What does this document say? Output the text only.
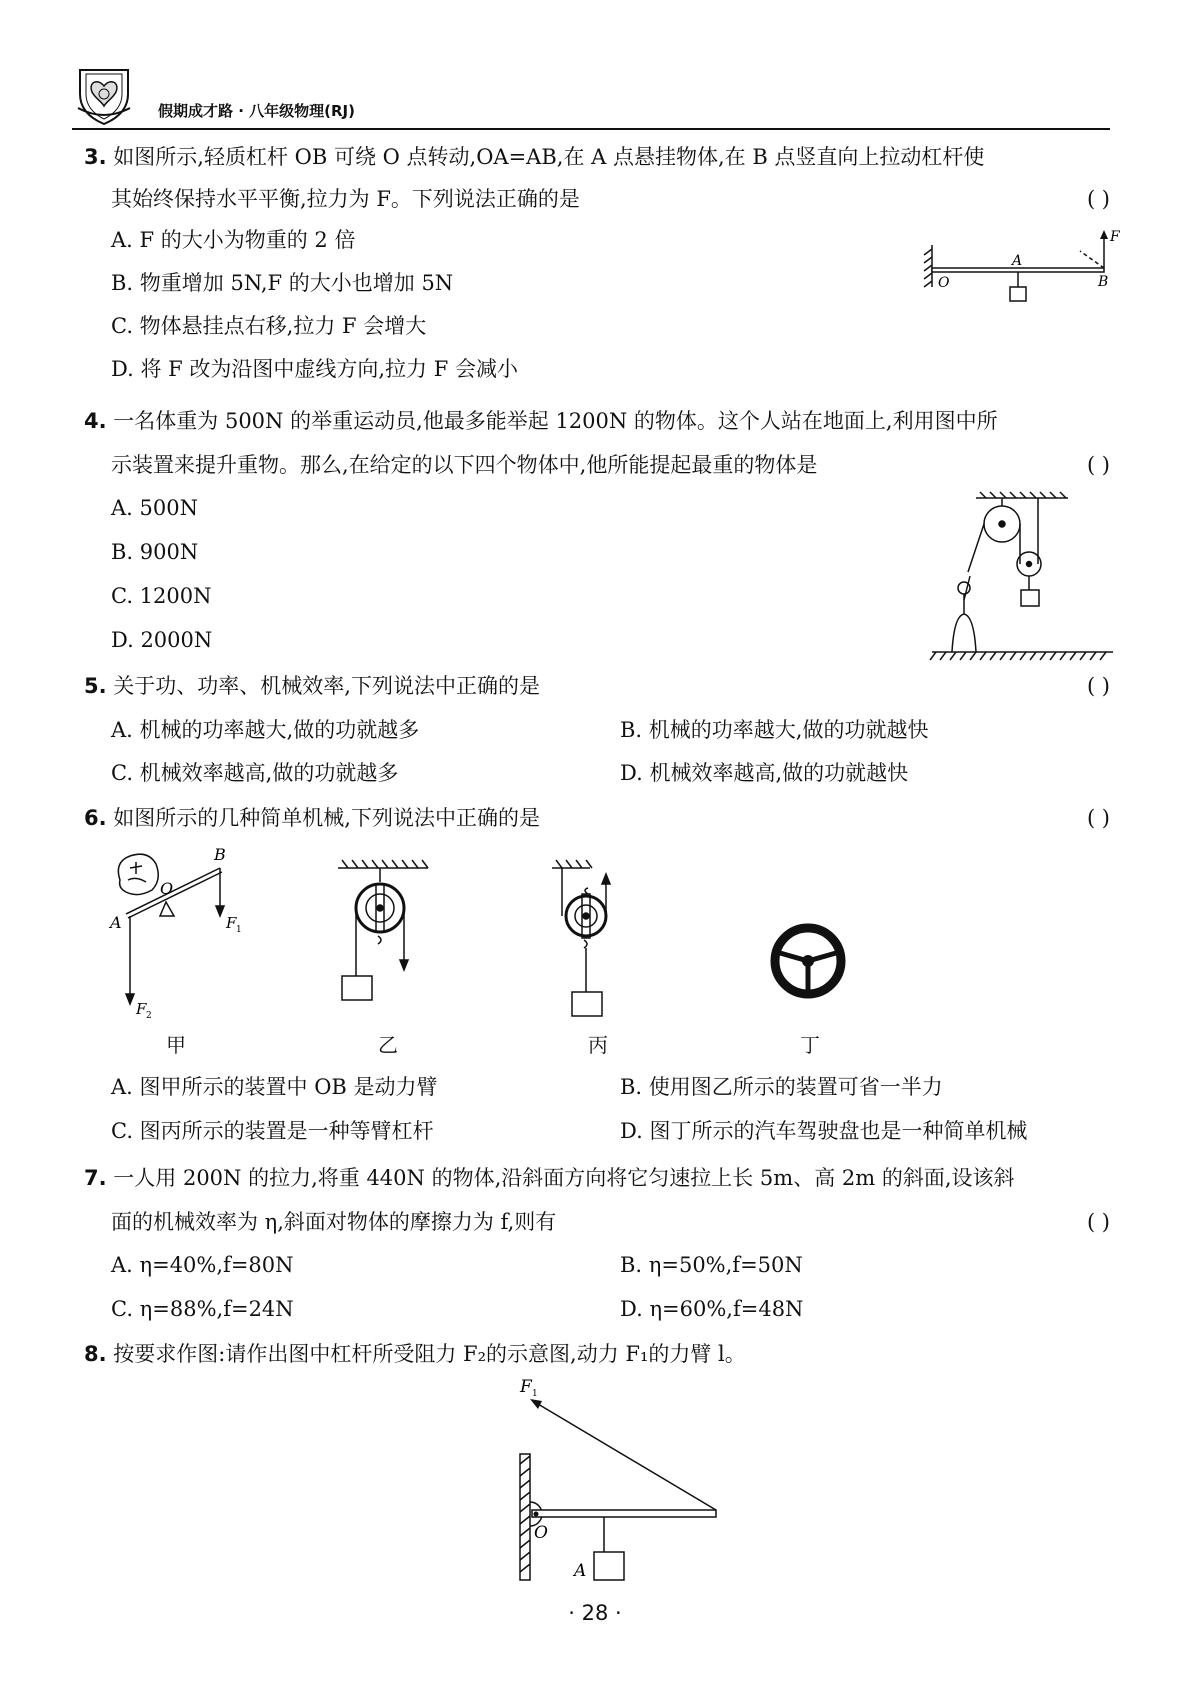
假期成才路 · 八年级物理(RJ)
3. 如图所示,轻质杠杆 OB 可绕 O 点转动,OA=AB,在 A 点悬挂物体,在 B 点竖直向上拉动杠杆使
其始终保持水平平衡,拉力为 F。下列说法正确的是	( )
A. F 的大小为物重的 2 倍
B. 物重增加 5N,F 的大小也增加 5N
C. 物体悬挂点右移,拉力 F 会增大
D. 将 F 改为沿图中虚线方向,拉力 F 会减小
O
A
B
F
4. 一名体重为 500N 的举重运动员,他最多能举起 1200N 的物体。这个人站在地面上,利用图中所
示装置来提升重物。那么,在给定的以下四个物体中,他所能提起最重的物体是	( )
A. 500N
B. 900N
C. 1200N
D. 2000N
5. 关于功、功率、机械效率,下列说法中正确的是	( )
A. 机械的功率越大,做的功就越多	B. 机械的功率越大,做的功就越快
C. 机械效率越高,做的功就越多	D. 机械效率越高,做的功就越快
6. 如图所示的几种简单机械,下列说法中正确的是	( )
A
B
O
F 1
F 2
甲	乙	丙	丁
A. 图甲所示的装置中 OB 是动力臂	B. 使用图乙所示的装置可省一半力
C. 图丙所示的装置是一种等臂杠杆	D. 图丁所示的汽车驾驶盘也是一种简单机械
7. 一人用 200N 的拉力,将重 440N 的物体,沿斜面方向将它匀速拉上长 5m、高 2m 的斜面,设该斜
面的机械效率为 η,斜面对物体的摩擦力为 f,则有	( )
A. η=40%,f=80N	B. η=50%,f=50N
C. η=88%,f=24N	D. η=60%,f=48N
8. 按要求作图:请作出图中杠杆所受阻力 F₂的示意图,动力 F₁的力臂 l。
F 1
O
A
· 28 ·
